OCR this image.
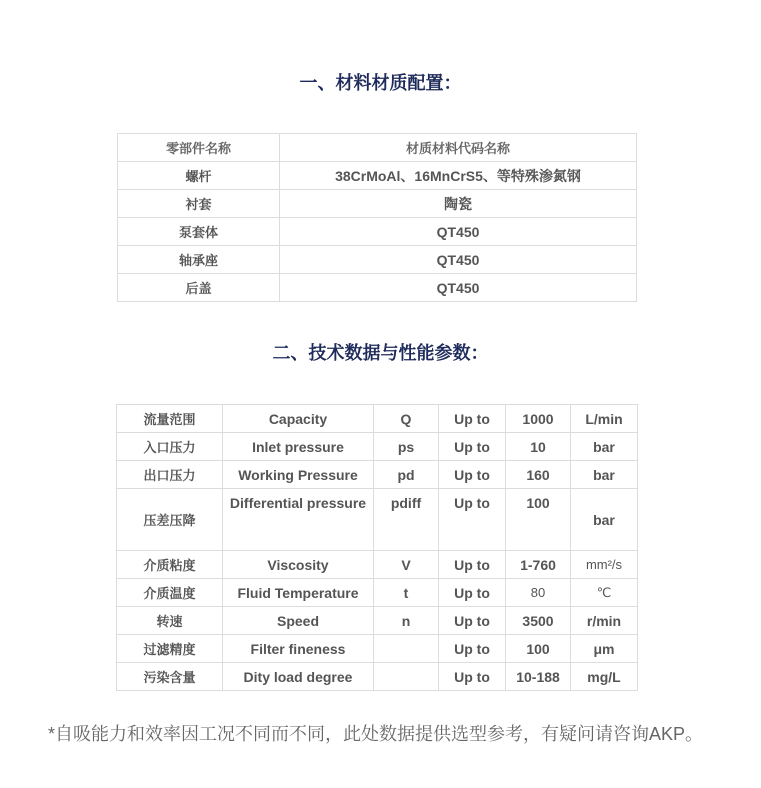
一、材料材质配置：
零部件名称	材质材料代码名称
螺杆	38CrMoAl、16MnCrS5、等特殊渗氮钢
衬套	陶瓷
泵套体	QT450
轴承座	QT450
后盖	QT450
二、技术数据与性能参数：
流量范围	Capacity	Q	Up to	1000	L/min
入口压力	Inlet pressure	ps	Up to	10	bar
出口压力	Working Pressure	pd	Up to	160	bar
压差压降	Differential pressure	pdiff	Up to	100	bar
介质粘度	Viscosity	V	Up to	1-760	mm²/s
介质温度	Fluid Temperature	t	Up to	80	℃
转速	Speed	n	Up to	3500	r/min
过滤精度	Filter fineness		Up to	100	μm
污染含量	Dity load degree		Up to	10-188	mg/L

*自吸能力和效率因工况不同而不同，此处数据提供选型参考，有疑问请咨询AKP。
